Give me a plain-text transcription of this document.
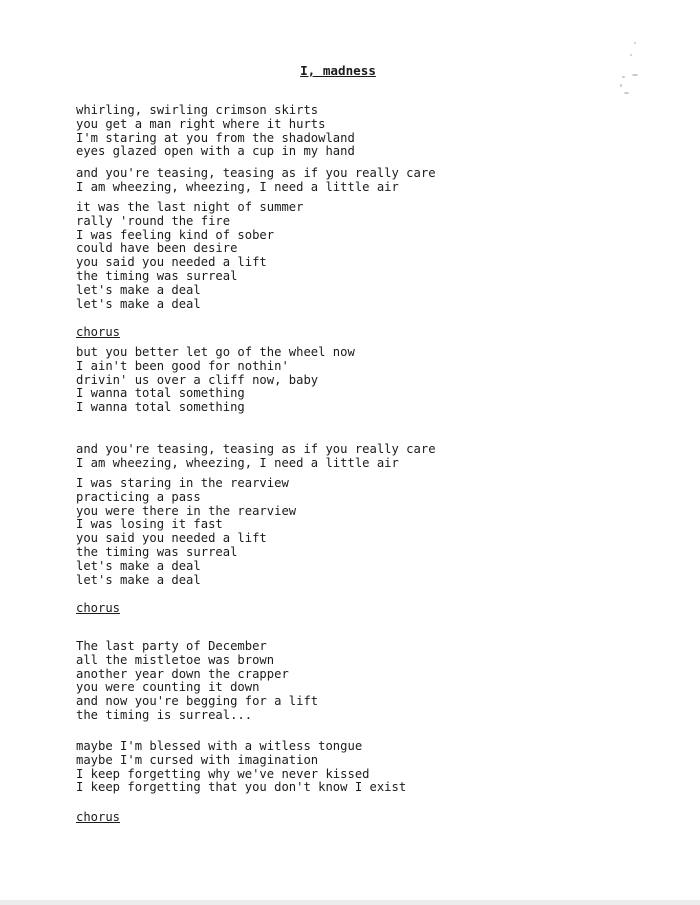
I, madness
whirling, swirling crimson skirts
you get a man right where it hurts
I'm staring at you from the shadowland
eyes glazed open with a cup in my hand
and you're teasing, teasing as if you really care
I am wheezing, wheezing, I need a little air
it was the last night of summer
rally 'round the fire
I was feeling kind of sober
could have been desire
you said you needed a lift
the timing was surreal
let's make a deal
let's make a deal
chorus
but you better let go of the wheel now
I ain't been good for nothin'
drivin' us over a cliff now, baby
I wanna total something
I wanna total something
and you're teasing, teasing as if you really care
I am wheezing, wheezing, I need a little air
I was staring in the rearview
practicing a pass
you were there in the rearview
I was losing it fast
you said you needed a lift
the timing was surreal
let's make a deal
let's make a deal
chorus
The last party of December
all the mistletoe was brown
another year down the crapper
you were counting it down
and now you're begging for a lift
the timing is surreal...
maybe I'm blessed with a witless tongue
maybe I'm cursed with imagination
I keep forgetting why we've never kissed
I keep forgetting that you don't know I exist
chorus
